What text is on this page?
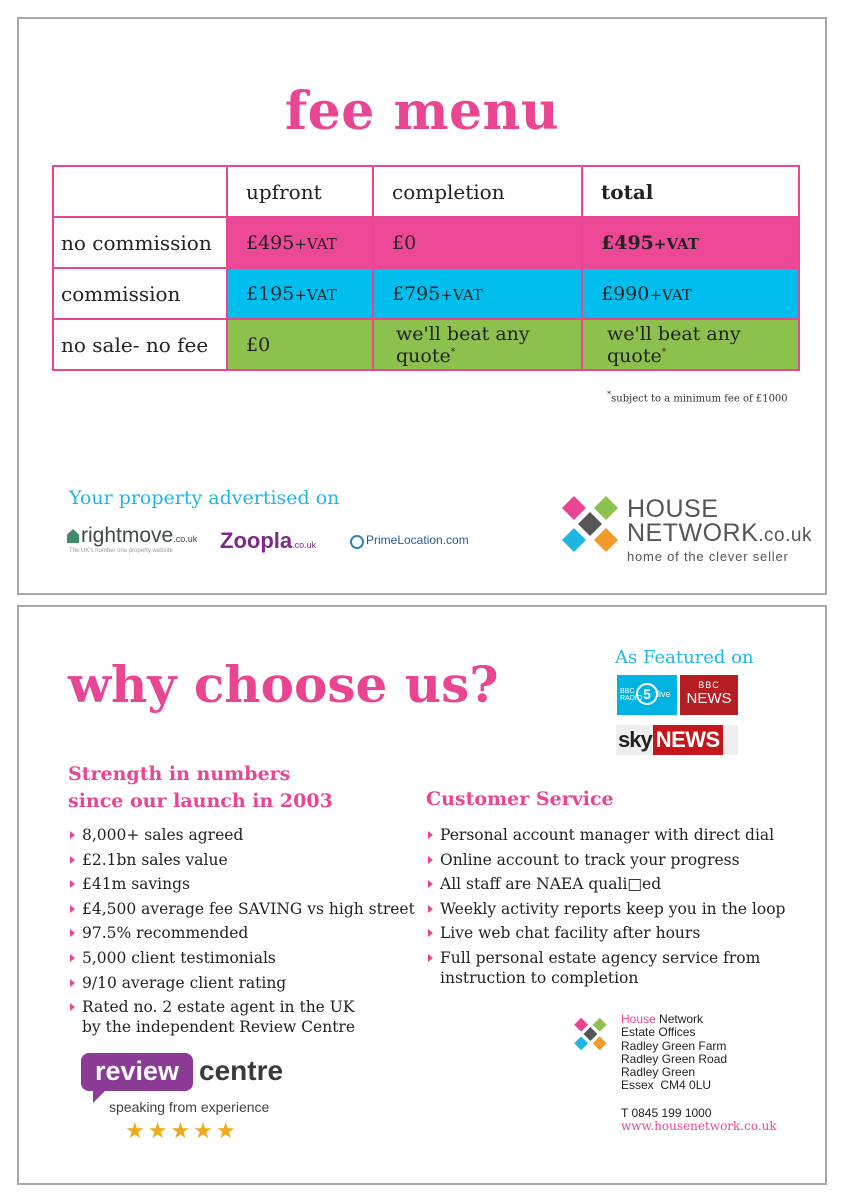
fee menu
	upfront	completion	total
no commission	£495+VAT	£0	£495+VAT
commission	£195+VAT	£795+VAT	£990+VAT
no sale- no fee	£0	we'll beat any quote*	we'll beat any quote*
*subject to a minimum fee of £1000
Your property advertised on
rightmove.co.uk
The UK's number one property website	Zoopla.co.uk	PrimeLocation.com
HOUSE
NETWORK.co.uk
home of the clever seller
why choose us?	As Featured on
BBC
RADIO 5 live
BBC
NEWS
sky NEWS
Strength in numbers
since our launch in 2003
8,000+ sales agreed
£2.1bn sales value
£41m savings
£4,500 average fee SAVING vs high street
97.5% recommended
5,000 client testimonials
9/10 average client rating
Rated no. 2 estate agent in the UK by the independent Review Centre
Customer Service
Personal account manager with direct dial
Online account to track your progress
All staff are NAEA quali□ed
Weekly activity reports keep you in the loop
Live web chat facility after hours
Full personal estate agency service from instruction to completion
review centre
speaking from experience
★★★★★
House Network
Estate Offices
Radley Green Farm
Radley Green Road
Radley Green
Essex  CM4 0LU
T 0845 199 1000
www.housenetwork.co.uk
